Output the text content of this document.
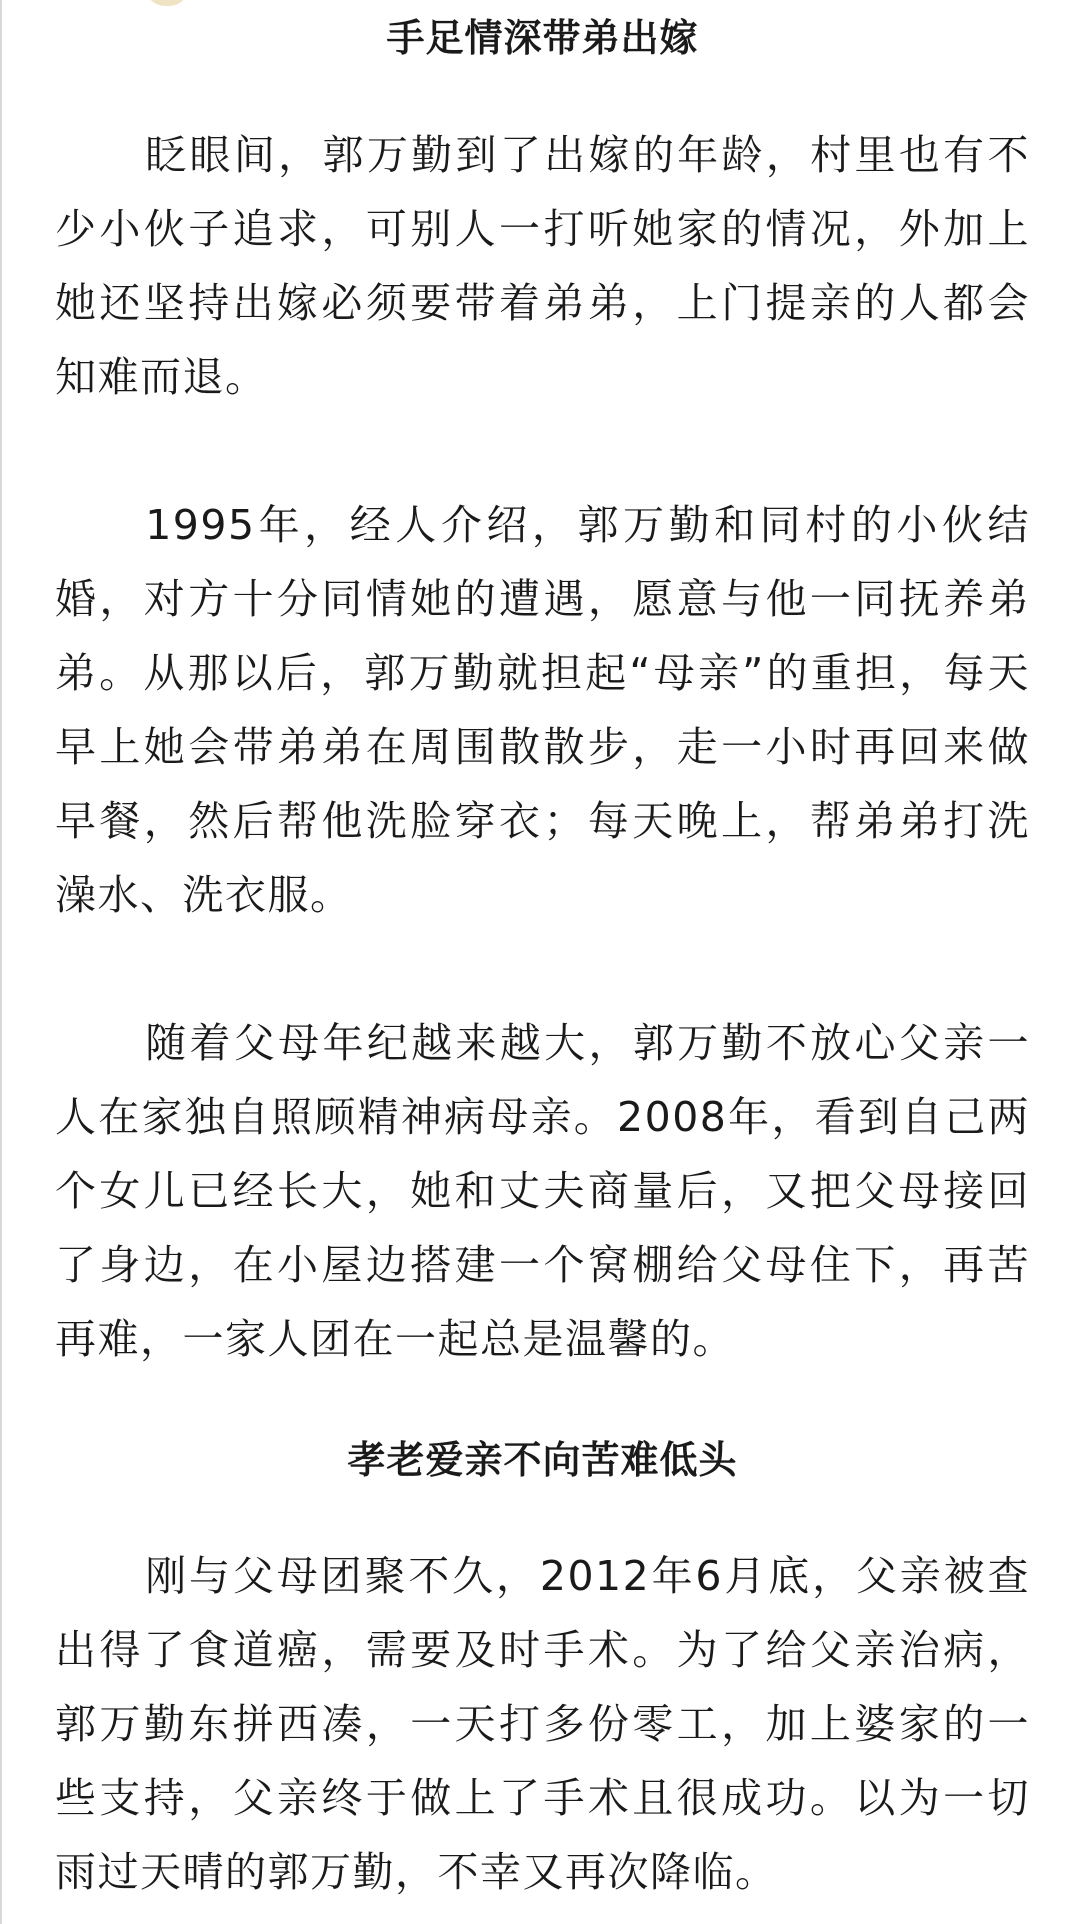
手足情深带弟出嫁

眨眼间，郭万勤到了出嫁的年龄，村里也有不少小伙子追求，可别人一打听她家的情况，外加上她还坚持出嫁必须要带着弟弟，上门提亲的人都会知难而退。

1995年，经人介绍，郭万勤和同村的小伙结婚，对方十分同情她的遭遇，愿意与他一同抚养弟弟。从那以后，郭万勤就担起“母亲”的重担，每天早上她会带弟弟在周围散散步，走一小时再回来做早餐，然后帮他洗脸穿衣；每天晚上，帮弟弟打洗澡水、洗衣服。

随着父母年纪越来越大，郭万勤不放心父亲一人在家独自照顾精神病母亲。2008年，看到自己两个女儿已经长大，她和丈夫商量后，又把父母接回了身边，在小屋边搭建一个窝棚给父母住下，再苦再难，一家人团在一起总是温馨的。

孝老爱亲不向苦难低头

刚与父母团聚不久，2012年6月底，父亲被查出得了食道癌，需要及时手术。为了给父亲治病，郭万勤东拼西凑，一天打多份零工，加上婆家的一些支持，父亲终于做上了手术且很成功。以为一切雨过天晴的郭万勤，不幸又再次降临。
